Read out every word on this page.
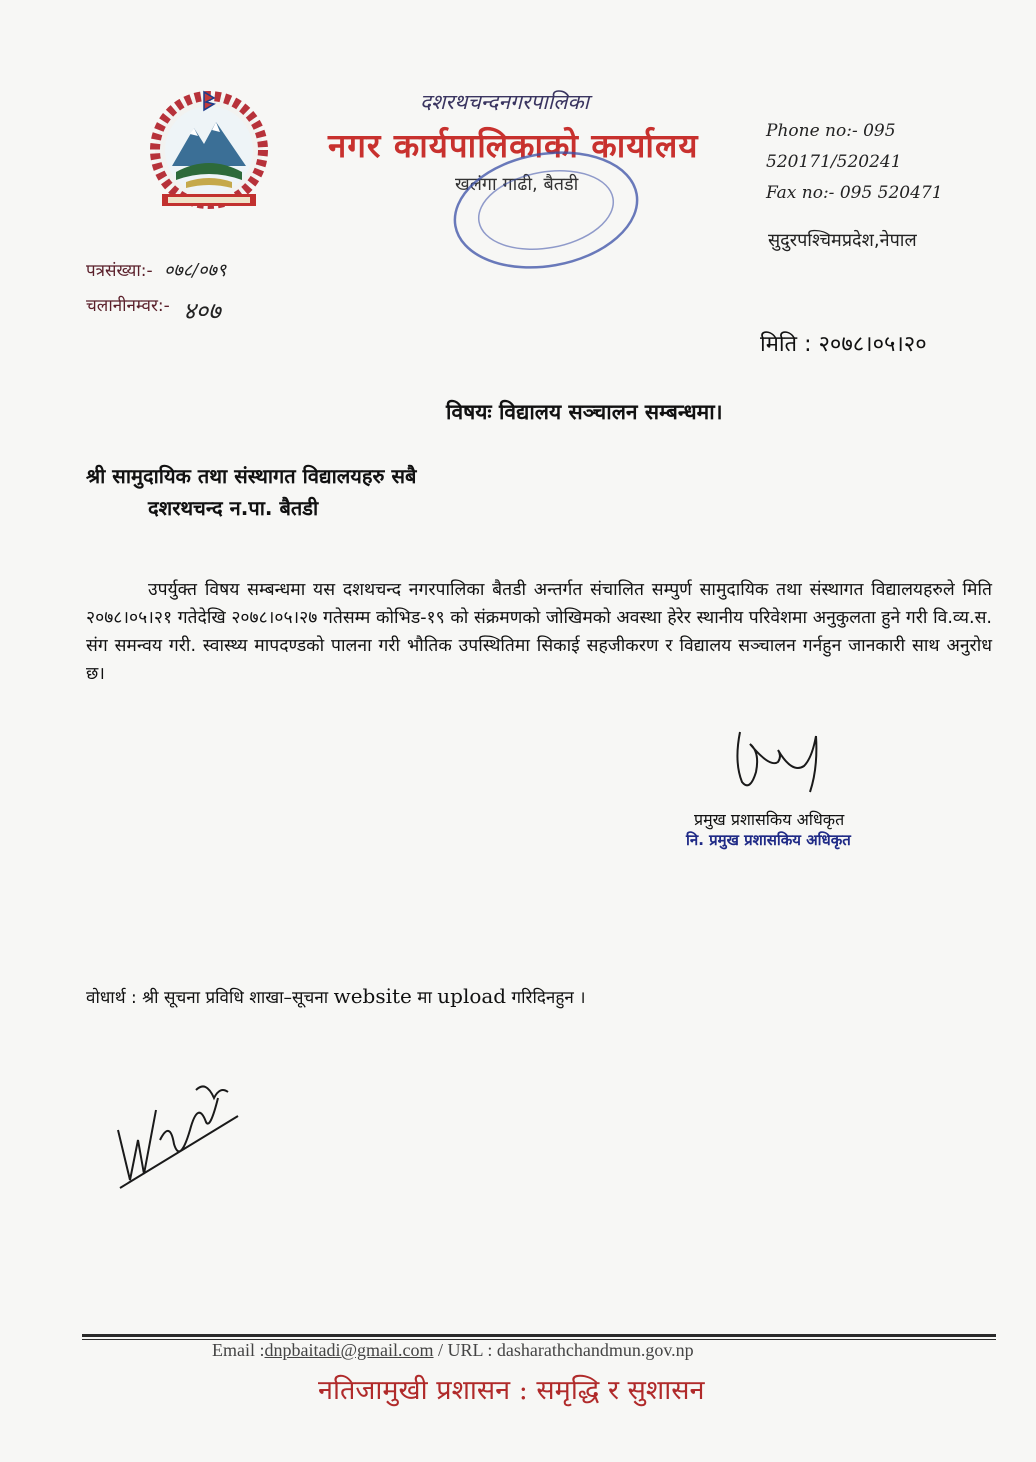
दशरथचन्दनगरपालिका
नगर कार्यपालिकाको कार्यालय
खलंगा गाढी, बैतडी
Phone no:- 095
520171/520241
Fax no:- 095 520471
सुदुरपश्चिमप्रदेश,नेपाल
पत्रसंख्या:- ०७८/०७९
चलानीनम्वर:- ४०७
मिति : २०७८।०५।२०
विषयः विद्यालय सञ्चालन सम्बन्धमा।
श्री सामुदायिक तथा संस्थागत विद्यालयहरु सबै
दशरथचन्द न.पा. बैतडी
उपर्युक्त विषय सम्बन्धमा यस दशथचन्द नगरपालिका बैतडी अन्तर्गत संचालित सम्पुर्ण सामुदायिक तथा संस्थागत विद्यालयहरुले मिति २०७८।०५।२१ गतेदेखि २०७८।०५।२७ गतेसम्म कोभिड-१९ को संक्रमणको जोखिमको अवस्था हेरेर स्थानीय परिवेशमा अनुकुलता हुने गरी वि.व्य.स. संग समन्वय गरी. स्वास्थ्य मापदण्डको पालना गरी भौतिक उपस्थितिमा सिकाई सहजीकरण र विद्यालय सञ्चालन गर्नहुन जानकारी साथ अनुरोध छ।
प्रमुख प्रशासकिय अधिकृत
नि. प्रमुख प्रशासकिय अधिकृत
वोधार्थ : श्री सूचना प्रविधि शाखा–सूचना website मा upload गरिदिनहुन ।
Email :dnpbaitadi@gmail.com / URL : dasharathchandmun.gov.np
नतिजामुखी प्रशासन : समृद्धि र सुशासन
